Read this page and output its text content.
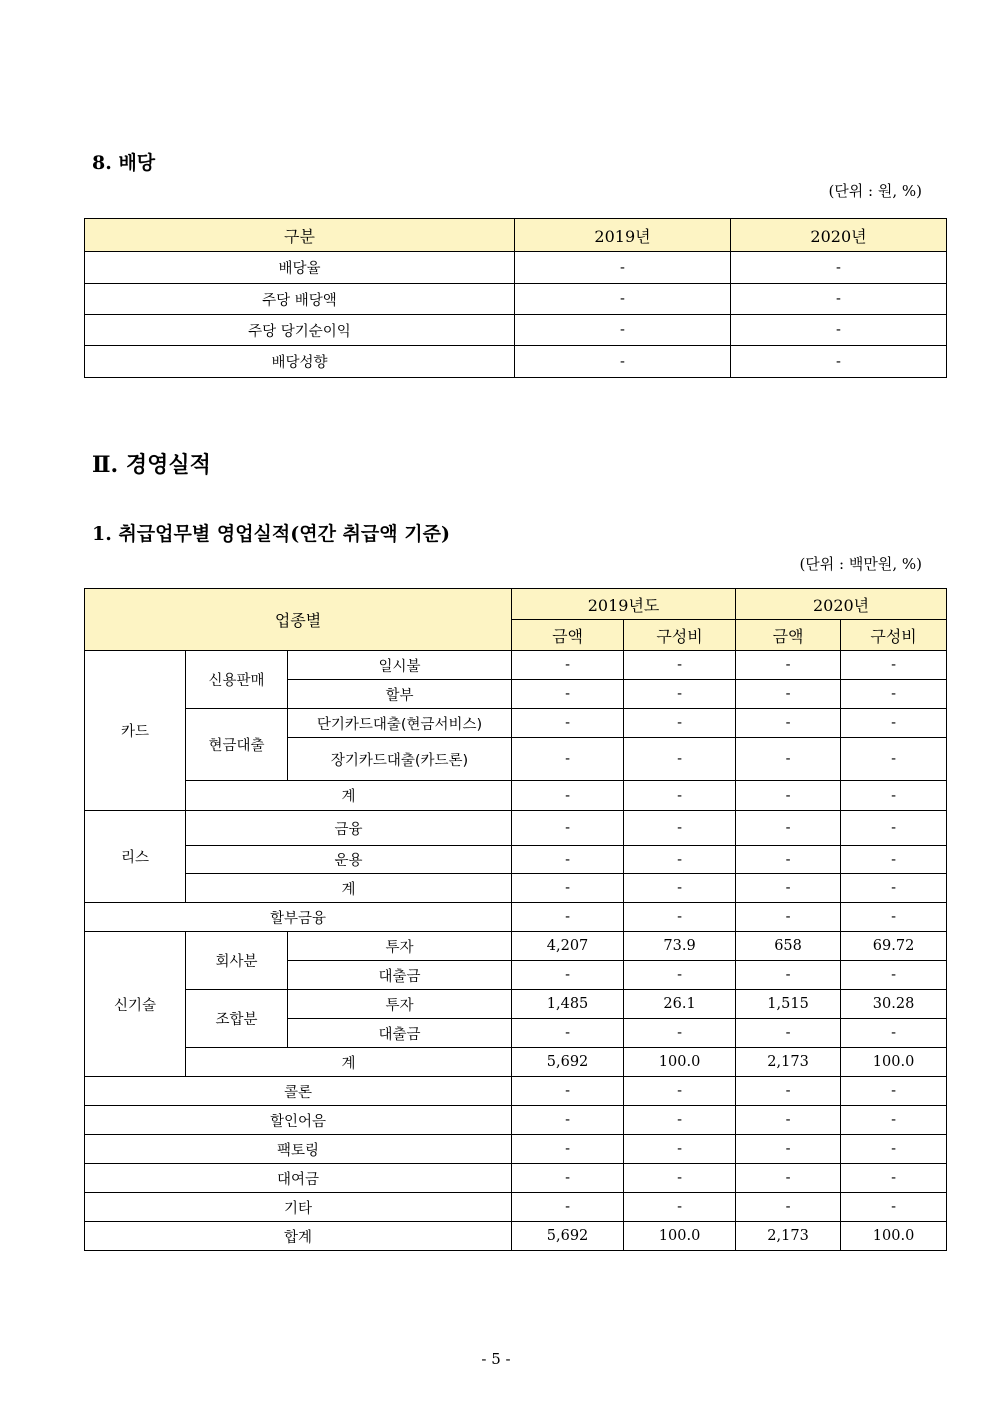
8. 배당
(단위 : 원, %)
구분	2019년	2020년
배당율	-	-
주당 배당액	-	-
주당 당기순이익	-	-
배당성향	-	-
Ⅱ. 경영실적
1. 취급업무별 영업실적(연간 취급액 기준)
(단위 : 백만원, %)
업종별			2019년도		2020년	
			금액	구성비	금액	구성비
카드	신용판매	일시불	-	-	-	-
		할부	-	-	-	-
	현금대출	단기카드대출(현금서비스)	-	-	-	-
		장기카드대출(카드론)	-	-	-	-
	계		-	-	-	-
리스	금융		-	-	-	-
	운용		-	-	-	-
	계		-	-	-	-
할부금융			-	-	-	-
신기술	회사분	투자	4,207	73.9	658	69.72
		대출금	-	-	-	-
	조합분	투자	1,485	26.1	1,515	30.28
		대출금	-	-	-	-
	계		5,692	100.0	2,173	100.0
콜론			-	-	-	-
할인어음			-	-	-	-
팩토링			-	-	-	-
대여금			-	-	-	-
기타			-	-	-	-
합계			5,692	100.0	2,173	100.0
- 5 -
